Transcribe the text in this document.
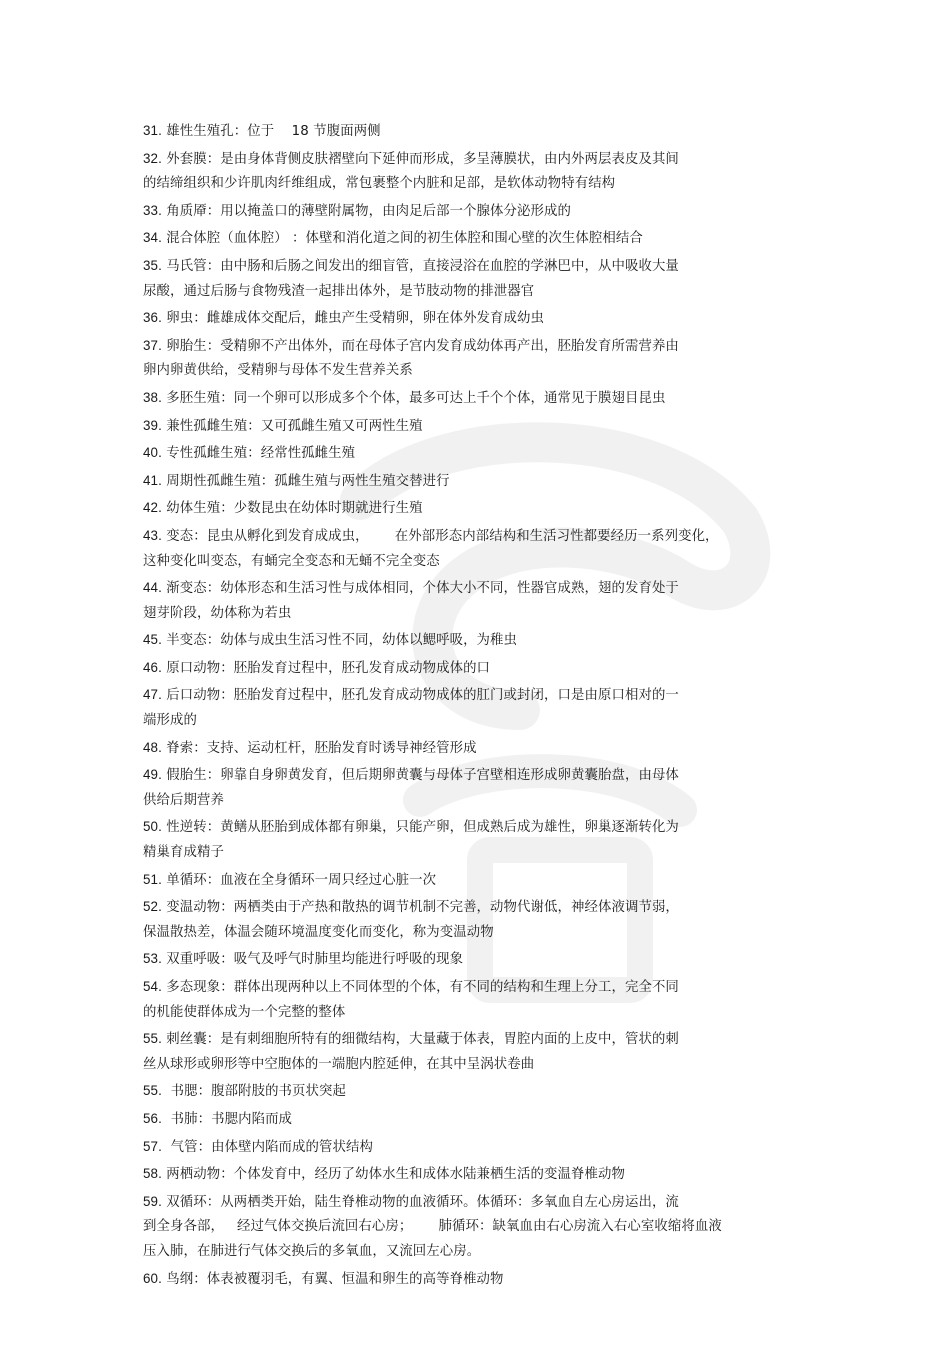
31. 雄性生殖孔：位于    18 节腹面两侧
32. 外套膜：是由身体背侧皮肤褶壁向下延伸而形成，多呈薄膜状，由内外两层表皮及其间
的结缔组织和少许肌肉纤维组成，常包裹整个内脏和足部，是软体动物特有结构
33. 角质厣：用以掩盖口的薄壁附属物，由肉足后部一个腺体分泌形成的
34. 混合体腔（血体腔） ：体壁和消化道之间的初生体腔和围心壁的次生体腔相结合
35. 马氏管：由中肠和后肠之间发出的细盲管，直接浸浴在血腔的学淋巴中，从中吸收大量
尿酸，通过后肠与食物残渣一起排出体外，是节肢动物的排泄器官
36. 卵虫：雌雄成体交配后，雌虫产生受精卵，卵在体外发育成幼虫
37. 卵胎生：受精卵不产出体外，而在母体子宫内发育成幼体再产出，胚胎发育所需营养由
卵内卵黄供给，受精卵与母体不发生营养关系
38. 多胚生殖：同一个卵可以形成多个个体，最多可达上千个个体，通常见于膜翅目昆虫
39. 兼性孤雌生殖：又可孤雌生殖又可两性生殖
40. 专性孤雌生殖：经常性孤雌生殖
41. 周期性孤雌生殖：孤雌生殖与两性生殖交替进行
42. 幼体生殖：少数昆虫在幼体时期就进行生殖
43. 变态：昆虫从孵化到发育成成虫，      在外部形态内部结构和生活习性都要经历一系列变化，
这种变化叫变态，有蛹完全变态和无蛹不完全变态
44. 渐变态：幼体形态和生活习性与成体相同，个体大小不同，性器官成熟，翅的发育处于
翅芽阶段，幼体称为若虫
45. 半变态：幼体与成虫生活习性不同，幼体以鳃呼吸，为稚虫
46. 原口动物：胚胎发育过程中，胚孔发育成动物成体的口
47. 后口动物：胚胎发育过程中，胚孔发育成动物成体的肛门或封闭，口是由原口相对的一
端形成的
48. 脊索：支持、运动杠杆，胚胎发育时诱导神经管形成
49. 假胎生：卵靠自身卵黄发育，但后期卵黄囊与母体子宫壁相连形成卵黄囊胎盘，由母体
供给后期营养
50. 性逆转：黄鳝从胚胎到成体都有卵巢，只能产卵，但成熟后成为雄性，卵巢逐渐转化为
精巢育成精子
51. 单循环：血液在全身循环一周只经过心脏一次
52. 变温动物：两栖类由于产热和散热的调节机制不完善，动物代谢低，神经体液调节弱，
保温散热差，体温会随环境温度变化而变化，称为变温动物
53. 双重呼吸：吸气及呼气时肺里均能进行呼吸的现象
54. 多态现象：群体出现两种以上不同体型的个体，有不同的结构和生理上分工，完全不同
的机能使群体成为一个完整的整体
55. 刺丝囊：是有刺细胞所特有的细微结构，大量藏于体表，胃腔内面的上皮中，管状的刺
丝从球形或卵形等中空胞体的一端胞内腔延伸，在其中呈涡状卷曲
55.  书腮：腹部附肢的书页状突起
56.  书肺：书腮内陷而成
57.  气管：由体壁内陷而成的管状结构
58. 两栖动物：个体发育中，经历了幼体水生和成体水陆兼栖生活的变温脊椎动物
59. 双循环：从两栖类开始，陆生脊椎动物的血液循环。体循环：多氧血自左心房运出，流
到全身各部，   经过气体交换后流回右心房；      肺循环：缺氧血由右心房流入右心室收缩将血液
压入肺，在肺进行气体交换后的多氧血，又流回左心房。
60. 鸟纲：体表被覆羽毛，有翼、恒温和卵生的高等脊椎动物
